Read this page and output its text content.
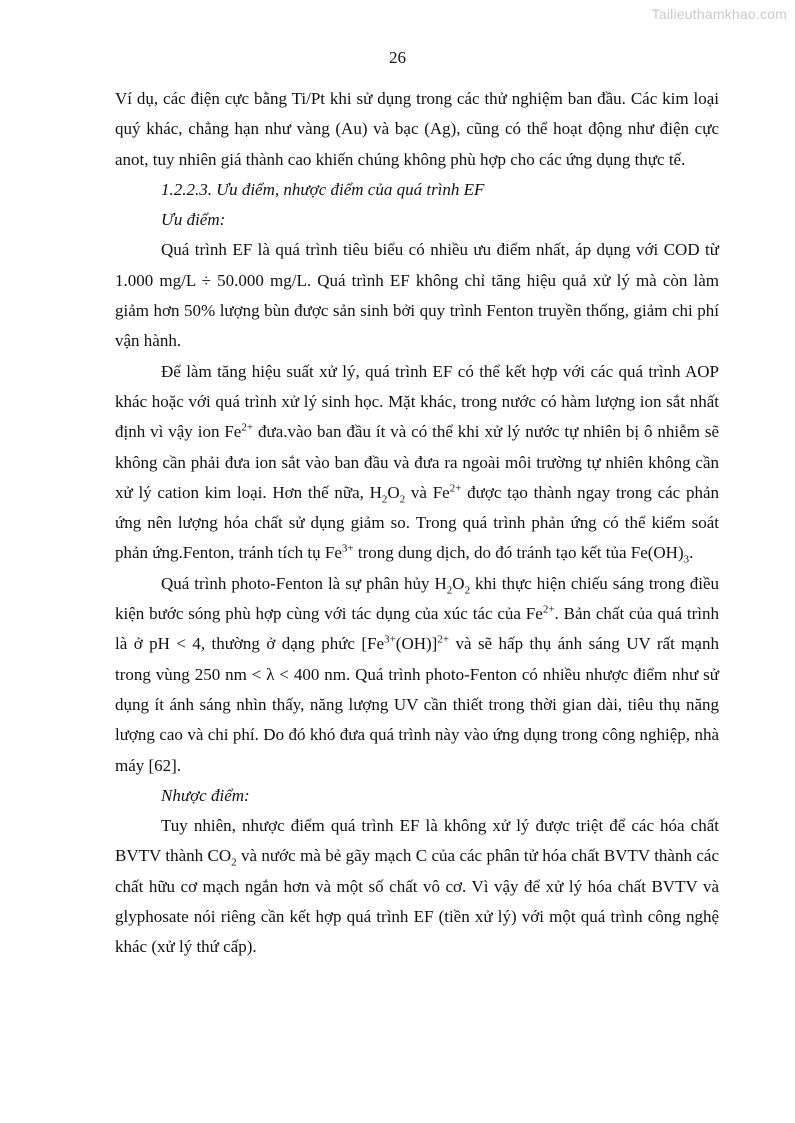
Tailieuthamkhao.com
26

Ví dụ, các điện cực bằng Ti/Pt khi sử dụng trong các thử nghiệm ban đầu. Các kim loại quý khác, chẳng hạn như vàng (Au) và bạc (Ag), cũng có thể hoạt động như điện cực anot, tuy nhiên giá thành cao khiến chúng không phù hợp cho các ứng dụng thực tế.

1.2.2.3. Ưu điểm, nhược điểm của quá trình EF

Ưu điểm:

Quá trình EF là quá trình tiêu biểu có nhiều ưu điểm nhất, áp dụng với COD từ 1.000 mg/L ÷ 50.000 mg/L. Quá trình EF không chỉ tăng hiệu quả xử lý mà còn làm giảm hơn 50% lượng bùn được sản sinh bởi quy trình Fenton truyền thống, giảm chi phí vận hành.

Để làm tăng hiệu suất xử lý, quá trình EF có thể kết hợp với các quá trình AOP khác hoặc với quá trình xử lý sinh học. Mặt khác, trong nước có hàm lượng ion sắt nhất định vì vậy ion $Fe^{2+}$ đưa.vào ban đầu ít và có thể khi xử lý nước tự nhiên bị ô nhiễm sẽ không cần phải đưa ion sắt vào ban đầu và đưa ra ngoài môi trường tự nhiên không cần xử lý cation kim loại. Hơn thế nữa, $H_2O_2$ và $Fe^{2+}$ được tạo thành ngay trong các phản ứng nên lượng hóa chất sử dụng giảm so. Trong quá trình phản ứng có thể kiểm soát phản ứng.Fenton, tránh tích tụ $Fe^{3+}$ trong dung dịch, do đó tránh tạo kết tủa $Fe(OH)_3$.

Quá trình photo-Fenton là sự phân hủy $H_2O_2$ khi thực hiện chiếu sáng trong điều kiện bước sóng phù hợp cùng với tác dụng của xúc tác của $Fe^{2+}$. Bản chất của quá trình là ở pH < 4, thường ở dạng phức $[Fe^{3+}(OH)]^{2+}$ và sẽ hấp thụ ánh sáng UV rất mạnh trong vùng 250 nm < λ < 400 nm. Quá trình photo-Fenton có nhiều nhược điểm như sử dụng ít ánh sáng nhìn thấy, năng lượng UV cần thiết trong thời gian dài, tiêu thụ năng lượng cao và chi phí. Do đó khó đưa quá trình này vào ứng dụng trong công nghiệp, nhà máy [62].

Nhược điểm:

Tuy nhiên, nhược điểm quá trình EF là không xử lý được triệt để các hóa chất BVTV thành $CO_2$ và nước mà bẻ gãy mạch C của các phân tử hóa chất BVTV thành các chất hữu cơ mạch ngắn hơn và một số chất vô cơ. Vì vậy để xử lý hóa chất BVTV và glyphosate nói riêng cần kết hợp quá trình EF (tiền xử lý) với một quá trình công nghệ khác (xử lý thứ cấp).
